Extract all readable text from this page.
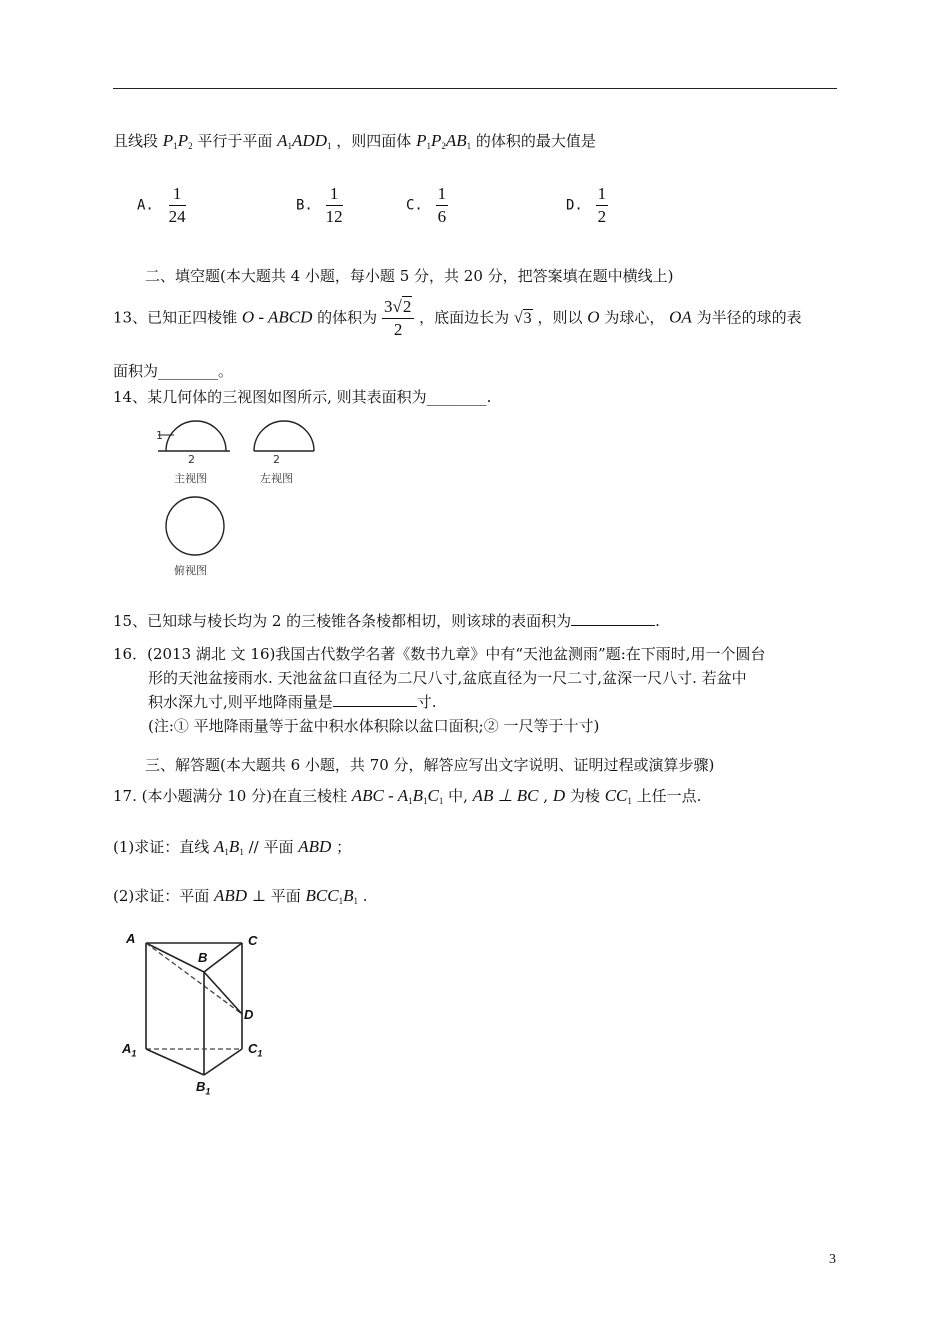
且线段 $P_1P_2$ 平行于平面 $A_1ADD_1$ ，则四面体 $P_1P_2AB_1$ 的体积的最大值是
A. $\frac{1}{24}$	B. $\frac{1}{12}$	C. $\frac{1}{6}$	D. $\frac{1}{2}$
二、填空题(本大题共 4 小题，每小题 5 分，共 20 分，把答案填在题中横线上)
13、已知正四棱锥 O - ABCD 的体积为 $\frac{3√2}{2}$ ，底面边长为 √3 ，则以 O 为球心， OA 为半径的球的表
面积为________。
14、某几何体的三视图如图所示, 则其表面积为________.
1
2	2
主视图	左视图
俯视图
15、已知球与棱长均为 2 的三棱锥各条棱都相切，则该球的表面积为	.
16．(2013 湖北 文 16)我国古代数学名著《数书九章》中有“天池盆测雨”题:在下雨时,用一个圆台
形的天池盆接雨水. 天池盆盆口直径为二尺八寸,盆底直径为一尺二寸,盆深一尺八寸. 若盆中
积水深九寸,则平地降雨量是	寸.
(注:① 平地降雨量等于盆中积水体积除以盆口面积;② 一尺等于十寸)
三、解答题(本大题共 6 小题，共 70 分，解答应写出文字说明、证明过程或演算步骤)
17. (本小题满分 10 分)在直三棱柱 ABC - $A_1B_1C_1$ 中, AB ⊥ BC , D 为棱 $CC_1$ 上任一点.
(1)求证：直线 $A_1B_1$ // 平面 ABD ；
(2)求证：平面 ABD ⊥ 平面 $BCC_1B_1$ .
A
B
C
D
$A_1$
$B_1$
$C_1$
3
